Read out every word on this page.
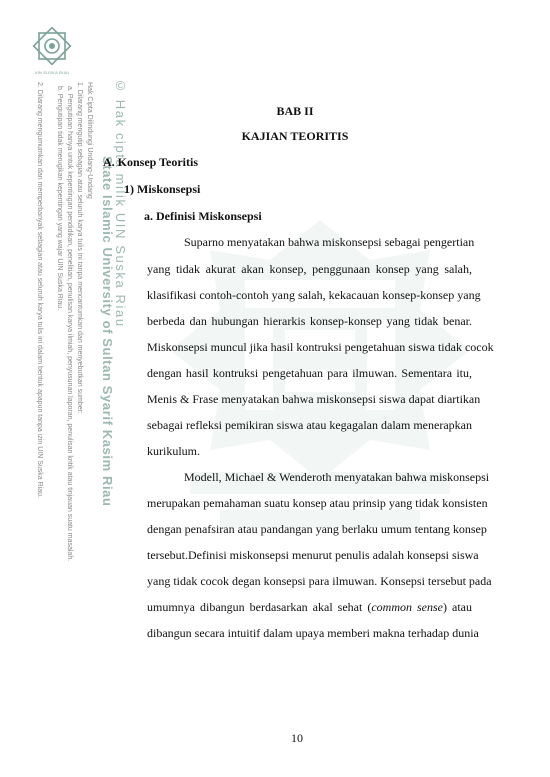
UIN SUSKA RIAU
© Hak cipta milik UIN Suska Riau
State Islamic University of Sultan Syarif Kasim Riau
Hak Cipta Dilindungi Undang-Undang
1. Dilarang mengutip sebagian atau seluruh karya tulis ini tanpa mencantumkan dan menyebutkan sumber:
a. Pengutipan hanya untuk kepentingan pendidikan, penelitian, penulisan karya ilmiah, penyusunan laporan, penulisan kritik atau tinjauan suatu masalah.
b. Pengutipan tidak merugikan kepentingan yang wajar UIN Suska Riau.
2. Dilarang mengumumkan dan memperbanyak sebagian atau seluruh karya tulis ini dalam bentuk apapun tanpa izin UIN Suska Riau.	BAB II
KAJIAN TEORITIS
A. Konsep Teoritis
1) Miskonsepsi
a. Definisi Miskonsepsi
Suparno menyatakan bahwa miskonsepsi sebagai pengertian
yang tidak akurat akan konsep, penggunaan konsep yang salah,
klasifikasi contoh-contoh yang salah, kekacauan konsep-konsep yang
berbeda dan hubungan hierarkis konsep-konsep yang tidak benar.
Miskonsepsi muncul jika hasil kontruksi pengetahuan siswa tidak cocok
dengan hasil kontruksi pengetahuan para ilmuwan. Sementara itu,
Menis & Frase menyatakan bahwa miskonsepsi siswa dapat diartikan
sebagai refleksi pemikiran siswa atau kegagalan dalam menerapkan
kurikulum.
Modell, Michael & Wenderoth menyatakan bahwa miskonsepsi
merupakan pemahaman suatu konsep atau prinsip yang tidak konsisten
dengan penafsiran atau pandangan yang berlaku umum tentang konsep
tersebut.Definisi miskonsepsi menurut penulis adalah konsepsi siswa
yang tidak cocok degan konsepsi para ilmuwan. Konsepsi tersebut pada
umumnya dibangun berdasarkan akal sehat (common sense) atau
dibangun secara intuitif dalam upaya memberi makna terhadap dunia
10
